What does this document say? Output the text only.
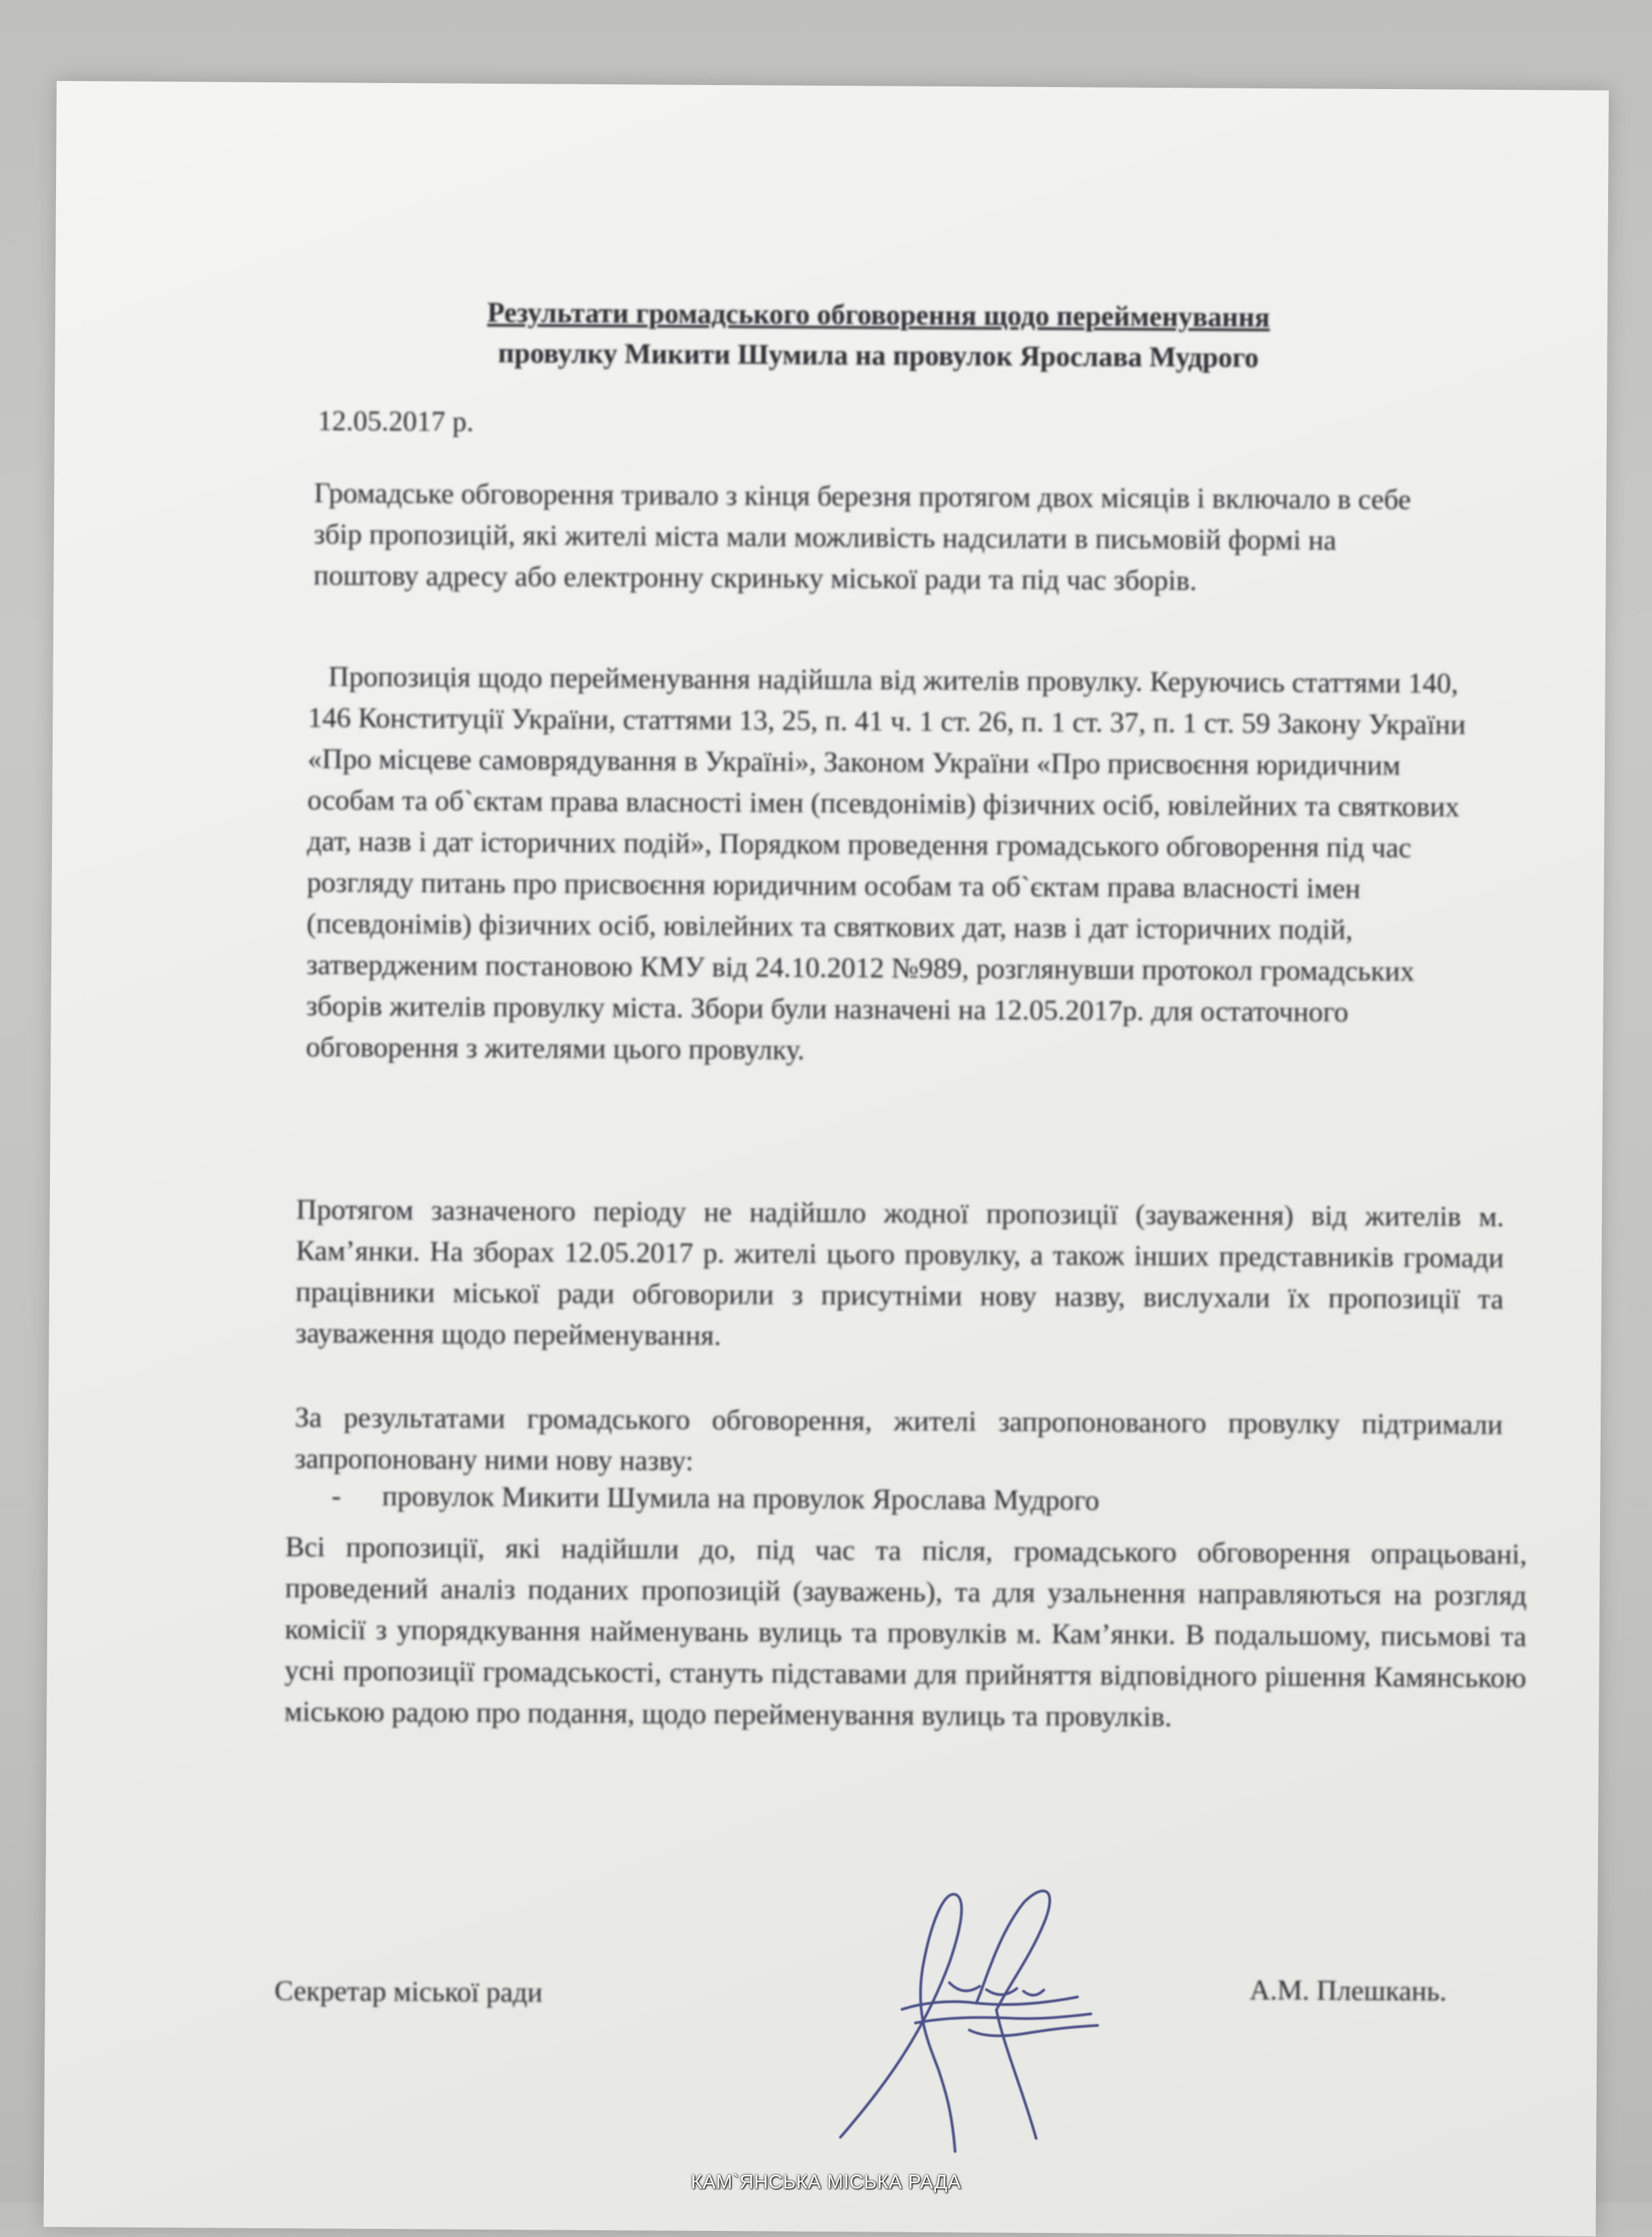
Результати громадського обговорення щодо перейменування
провулку Микити Шумила на провулок Ярослава Мудрого
12.05.2017 р.

Громадське обговорення тривало з кінця березня протягом двох місяців і включало в себе збір пропозицій, які жителі міста мали можливість надсилати в письмовій формі на поштову адресу або електронну скриньку міської ради та під час зборів.

Пропозиція щодо перейменування надійшла від жителів провулку. Керуючись статтями 140, 146 Конституції України, статтями 13, 25, п. 41 ч. 1 ст. 26, п. 1 ст. 37, п. 1 ст. 59 Закону України «Про місцеве самоврядування в Україні», Законом України «Про присвоєння юридичним особам та об`єктам права власності імен (псевдонімів) фізичних осіб, ювілейних та святкових дат, назв і дат історичних подій», Порядком проведення громадського обговорення під час розгляду питань про присвоєння юридичним особам та об`єктам права власності імен (псевдонімів) фізичних осіб, ювілейних та святкових дат, назв і дат історичних подій, затвердженим постановою КМУ від 24.10.2012 №989, розглянувши протокол громадських зборів жителів провулку міста. Збори були назначені на 12.05.2017р. для остаточного обговорення з жителями цього провулку.

Протягом зазначеного періоду не надійшло жодної пропозиції (зауваження) від жителів м. Кам’янки. На зборах 12.05.2017 р. жителі цього провулку, а також інших представників громади працівники міської ради обговорили з присутніми нову назву, вислухали їх пропозиції та зауваження щодо перейменування.

За результатами громадського обговорення, жителі запропонованого провулку підтримали запропоновану ними нову назву:

- провулок Микити Шумила на провулок Ярослава Мудрого

Всі пропозиції, які надійшли до, під час та після, громадського обговорення опрацьовані, проведений аналіз поданих пропозицій (зауважень), та для узальнення направляються на розгляд комісії з упорядкування найменувань вулиць та провулків м. Кам’янки. В подальшому, письмові та усні пропозиції громадськості, стануть підставами для прийняття відповідного рішення Камянською міською радою про подання, щодо перейменування вулиць та провулків.

Секретар міської ради	А.М. Плешкань.
КАМ`ЯНСЬКА МІСЬКА РАДА
